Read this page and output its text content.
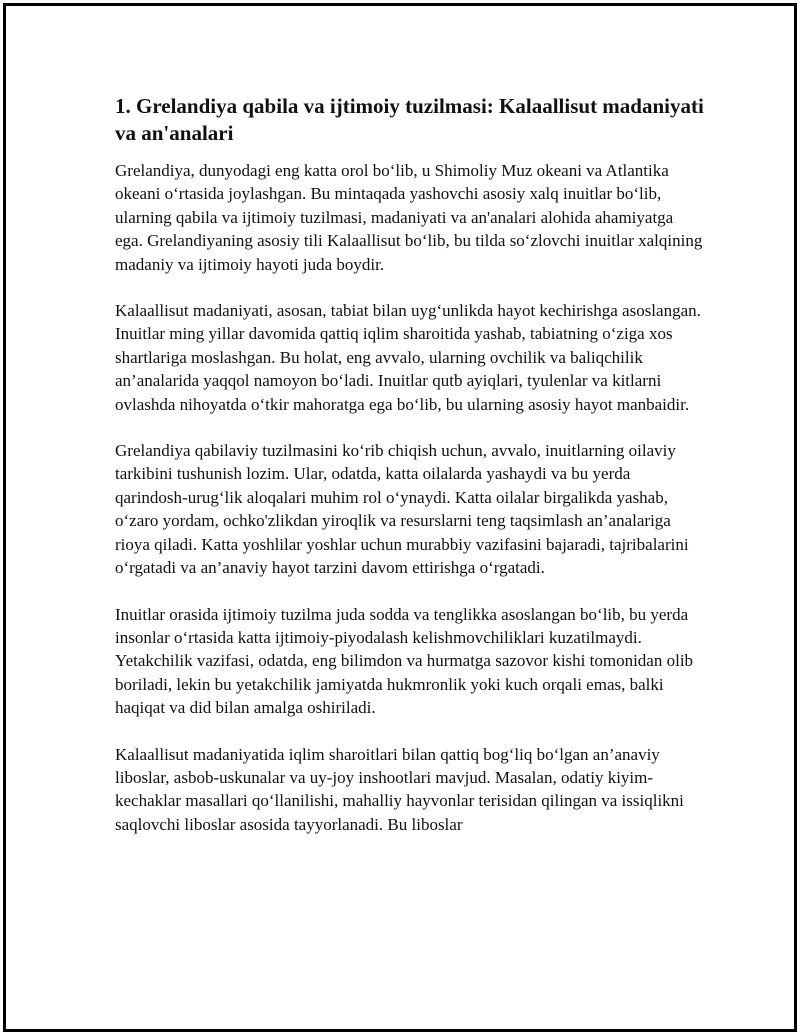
1. Grelandiya qabila va ijtimoiy tuzilmasi: Kalaallisut madaniyati va an'analari

Grelandiya, dunyodagi eng katta orol bo‘lib, u Shimoliy Muz okeani va Atlantika okeani o‘rtasida joylashgan. Bu mintaqada yashovchi asosiy xalq inuitlar bo‘lib, ularning qabila va ijtimoiy tuzilmasi, madaniyati va an'analari alohida ahamiyatga ega. Grelandiyaning asosiy tili Kalaallisut bo‘lib, bu tilda so‘zlovchi inuitlar xalqining madaniy va ijtimoiy hayoti juda boydir.

Kalaallisut madaniyati, asosan, tabiat bilan uyg‘unlikda hayot kechirishga asoslangan. Inuitlar ming yillar davomida qattiq iqlim sharoitida yashab, tabiatning o‘ziga xos shartlariga moslashgan. Bu holat, eng avvalo, ularning ovchilik va baliqchilik an’analarida yaqqol namoyon bo‘ladi. Inuitlar qutb ayiqlari, tyulenlar va kitlarni ovlashda nihoyatda o‘tkir mahoratga ega bo‘lib, bu ularning asosiy hayot manbaidir.

Grelandiya qabilaviy tuzilmasini ko‘rib chiqish uchun, avvalo, inuitlarning oilaviy tarkibini tushunish lozim. Ular, odatda, katta oilalarda yashaydi va bu yerda qarindosh-urug‘lik aloqalari muhim rol o‘ynaydi. Katta oilalar birgalikda yashab, o‘zaro yordam, ochko'zlikdan yiroqlik va resurslarni teng taqsimlash an’analariga rioya qiladi. Katta yoshlilar yoshlar uchun murabbiy vazifasini bajaradi, tajribalarini o‘rgatadi va an’anaviy hayot tarzini davom ettirishga o‘rgatadi.

Inuitlar orasida ijtimoiy tuzilma juda sodda va tenglikka asoslangan bo‘lib, bu yerda insonlar o‘rtasida katta ijtimoiy-piyodalash kelishmovchiliklari kuzatilmaydi. Yetakchilik vazifasi, odatda, eng bilimdon va hurmatga sazovor kishi tomonidan olib boriladi, lekin bu yetakchilik jamiyatda hukmronlik yoki kuch orqali emas, balki haqiqat va did bilan amalga oshiriladi.

Kalaallisut madaniyatida iqlim sharoitlari bilan qattiq bog‘liq bo‘lgan an’anaviy liboslar, asbob-uskunalar va uy-joy inshootlari mavjud. Masalan, odatiy kiyim-kechaklar masallari qo‘llanilishi, mahalliy hayvonlar terisidan qilingan va issiqlikni saqlovchi liboslar asosida tayyorlanadi. Bu liboslar
